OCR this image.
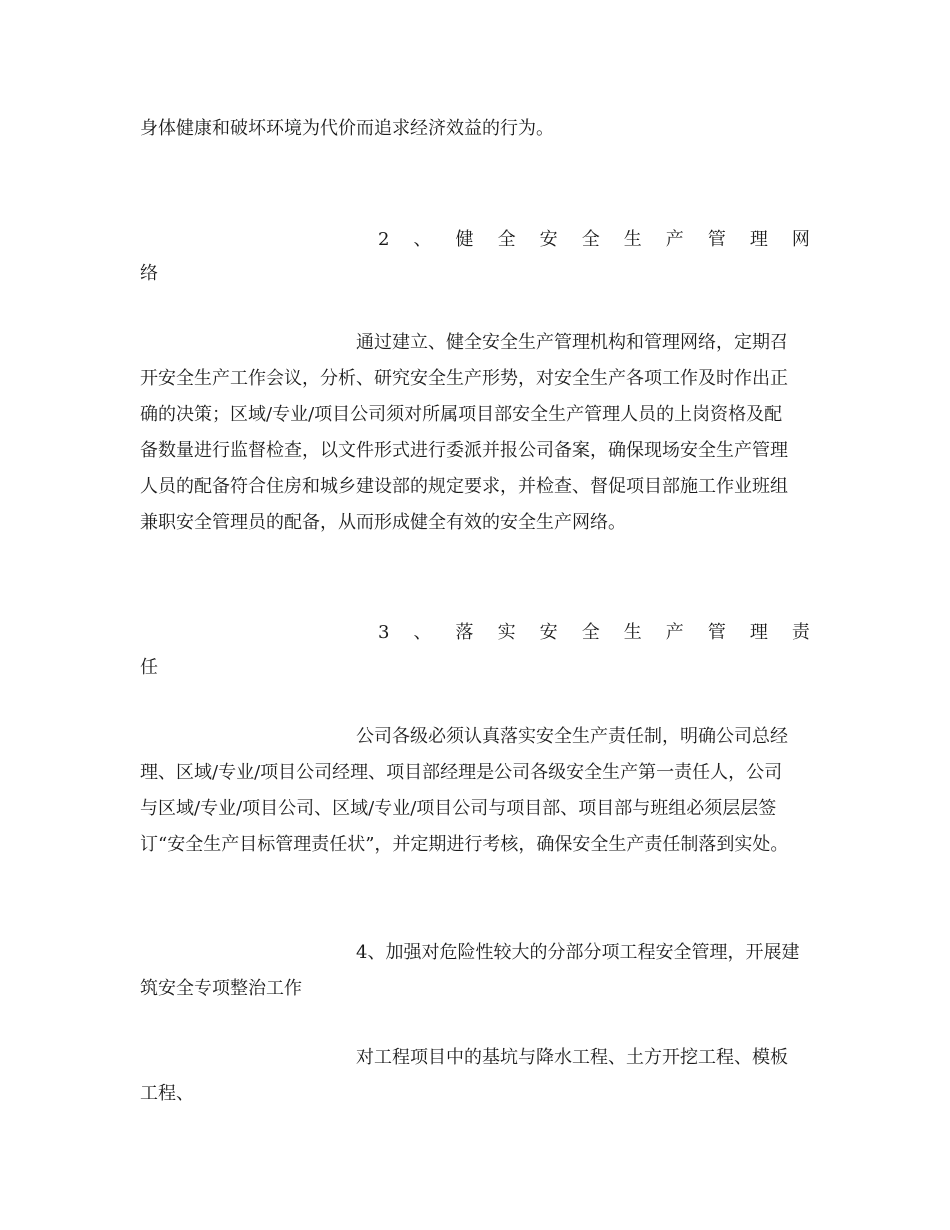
身体健康和破坏环境为代价而追求经济效益的行为。
2 、 健 全 安 全 生 产 管 理 网
络
通过建立、健全安全生产管理机构和管理网络，定期召
开安全生产工作会议，分析、研究安全生产形势，对安全生产各项工作及时作出正
确的决策；区域/专业/项目公司须对所属项目部安全生产管理人员的上岗资格及配
备数量进行监督检查，以文件形式进行委派并报公司备案，确保现场安全生产管理
人员的配备符合住房和城乡建设部的规定要求，并检查、督促项目部施工作业班组
兼职安全管理员的配备，从而形成健全有效的安全生产网络。
3 、 落 实 安 全 生 产 管 理 责
任
公司各级必须认真落实安全生产责任制，明确公司总经
理、区域/专业/项目公司经理、项目部经理是公司各级安全生产第一责任人，公司
与区域/专业/项目公司、区域/专业/项目公司与项目部、项目部与班组必须层层签
订“安全生产目标管理责任状”，并定期进行考核，确保安全生产责任制落到实处。
4、加强对危险性较大的分部分项工程安全管理，开展建
筑安全专项整治工作
对工程项目中的基坑与降水工程、土方开挖工程、模板
工程、
